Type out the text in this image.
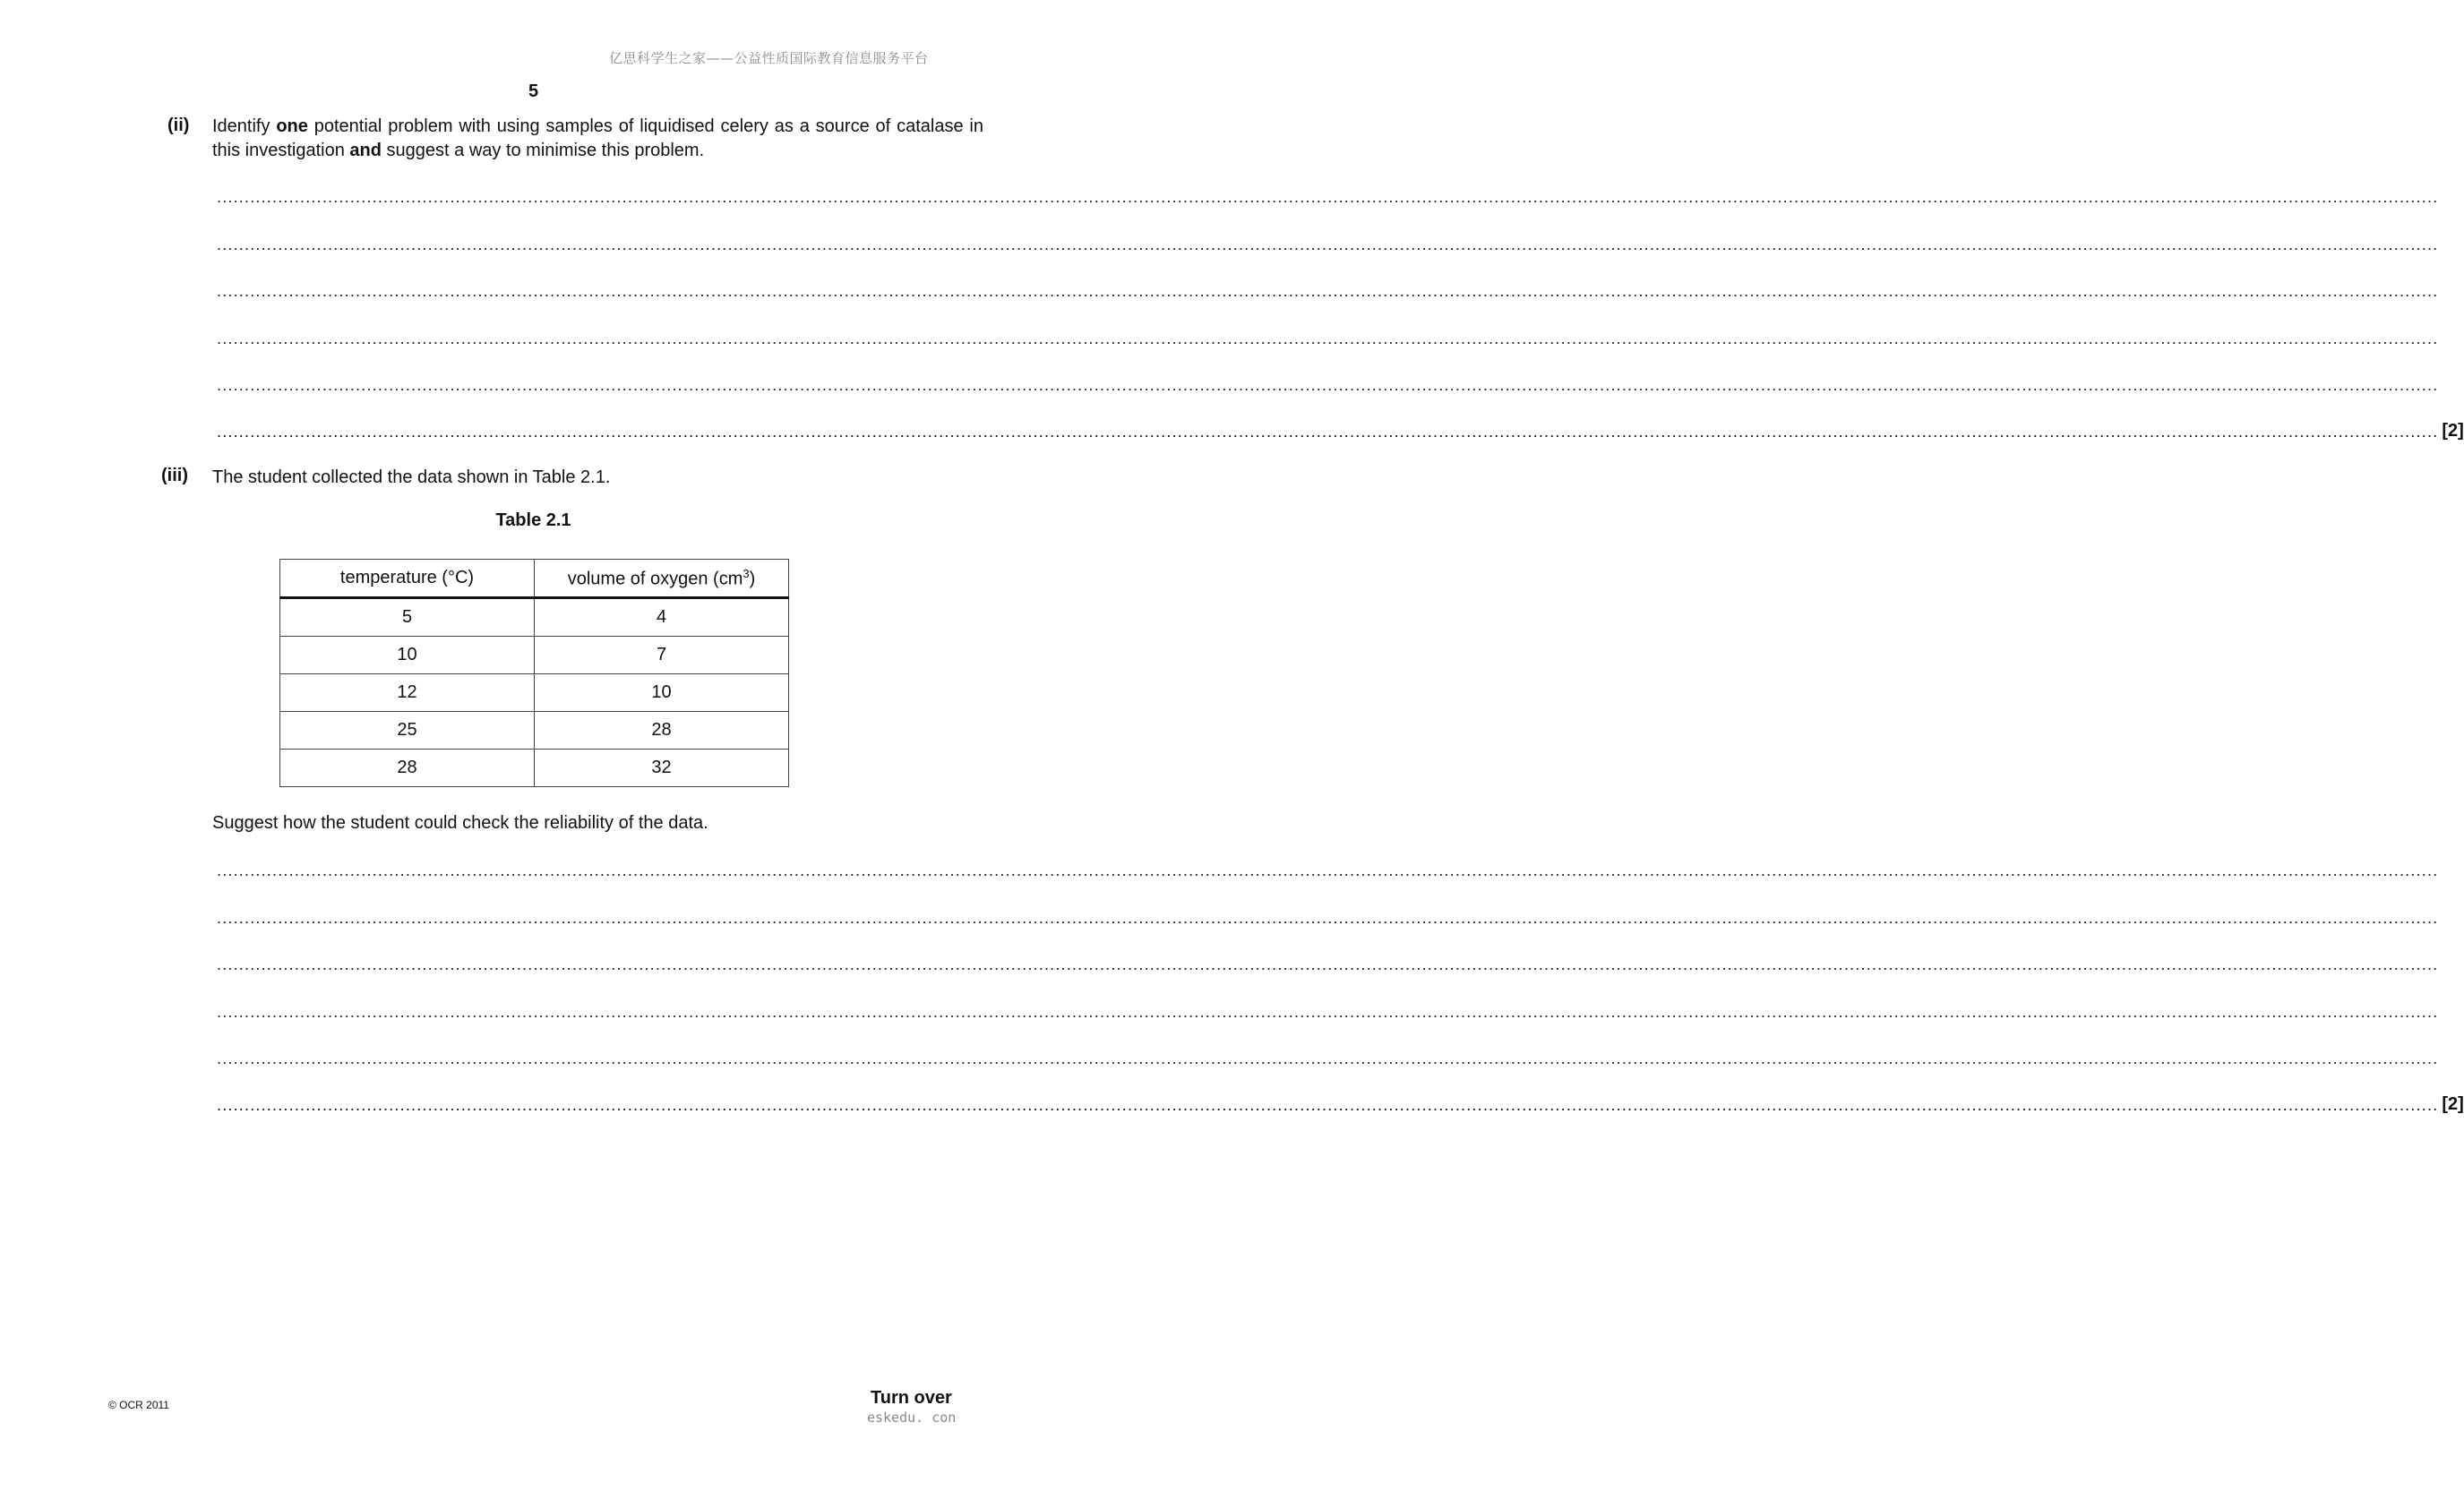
亿思科学生之家——公益性质国际教育信息服务平台
5
(ii) Identify one potential problem with using samples of liquidised celery as a source of catalase in this investigation and suggest a way to minimise this problem.
................................................................................................................................................................................................................................................................................................................................................................................................................
................................................................................................................................................................................................................................................................................................................................................................................................................
................................................................................................................................................................................................................................................................................................................................................................................................................
................................................................................................................................................................................................................................................................................................................................................................................................................
................................................................................................................................................................................................................................................................................................................................................................................................................
................................................................................................................................................................................................................................................................................................................................................................................................................ [2]
(iii) The student collected the data shown in Table 2.1.
Table 2.1
temperature (°C)	volume of oxygen $(cm^3)$
5	4
10	7
12	10
25	28
28	32
Suggest how the student could check the reliability of the data.
................................................................................................................................................................................................................................................................................................................................................................................................................
................................................................................................................................................................................................................................................................................................................................................................................................................
................................................................................................................................................................................................................................................................................................................................................................................................................
................................................................................................................................................................................................................................................................................................................................................................................................................
................................................................................................................................................................................................................................................................................................................................................................................................................
................................................................................................................................................................................................................................................................................................................................................................................................................ [2]
© OCR 2011	Turn over
eskedu. con
